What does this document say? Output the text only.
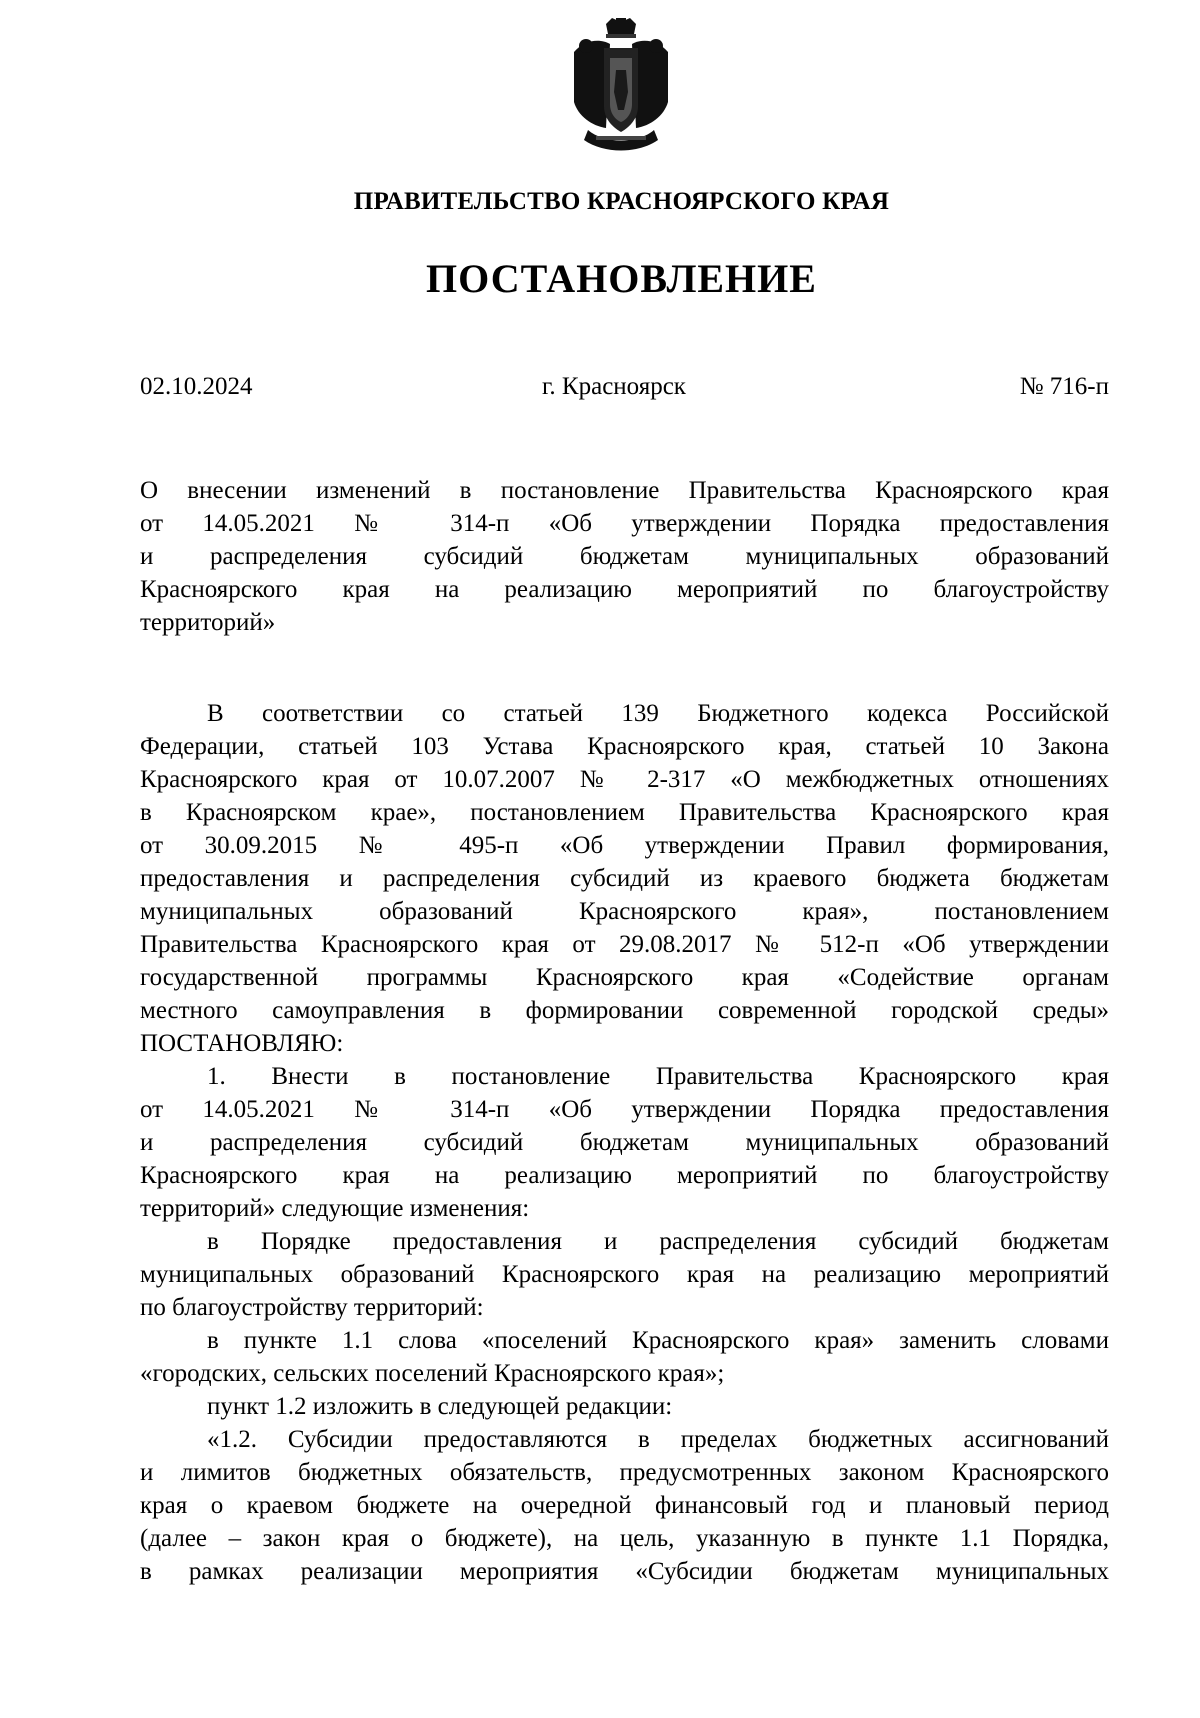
ПРАВИТЕЛЬСТВО КРАСНОЯРСКОГО КРАЯ
ПОСТАНОВЛЕНИЕ
02.10.2024	г. Красноярск	№ 716-п
О внесении изменений в постановление Правительства Красноярского края
от 14.05.2021 № 314-п «Об утверждении Порядка предоставления
и распределения субсидий бюджетам муниципальных образований
Красноярского края на реализацию мероприятий по благоустройству
территорий»
В соответствии со статьей 139 Бюджетного кодекса Российской
Федерации, статьей 103 Устава Красноярского края, статьей 10 Закона
Красноярского края от 10.07.2007 № 2-317 «О межбюджетных отношениях
в Красноярском крае», постановлением Правительства Красноярского края
от 30.09.2015 № 495-п «Об утверждении Правил формирования,
предоставления и распределения субсидий из краевого бюджета бюджетам
муниципальных образований Красноярского края», постановлением
Правительства Красноярского края от 29.08.2017 № 512-п «Об утверждении
государственной программы Красноярского края «Содействие органам
местного самоуправления в формировании современной городской среды»
ПОСТАНОВЛЯЮ:
1. Внести в постановление Правительства Красноярского края
от 14.05.2021 № 314-п «Об утверждении Порядка предоставления
и распределения субсидий бюджетам муниципальных образований
Красноярского края на реализацию мероприятий по благоустройству
территорий» следующие изменения:
в Порядке предоставления и распределения субсидий бюджетам
муниципальных образований Красноярского края на реализацию мероприятий
по благоустройству территорий:
в пункте 1.1 слова «поселений Красноярского края» заменить словами
«городских, сельских поселений Красноярского края»;
пункт 1.2 изложить в следующей редакции:
«1.2. Субсидии предоставляются в пределах бюджетных ассигнований
и лимитов бюджетных обязательств, предусмотренных законом Красноярского
края о краевом бюджете на очередной финансовый год и плановый период
(далее – закон края о бюджете), на цель, указанную в пункте 1.1 Порядка,
в рамках реализации мероприятия «Субсидии бюджетам муниципальных
